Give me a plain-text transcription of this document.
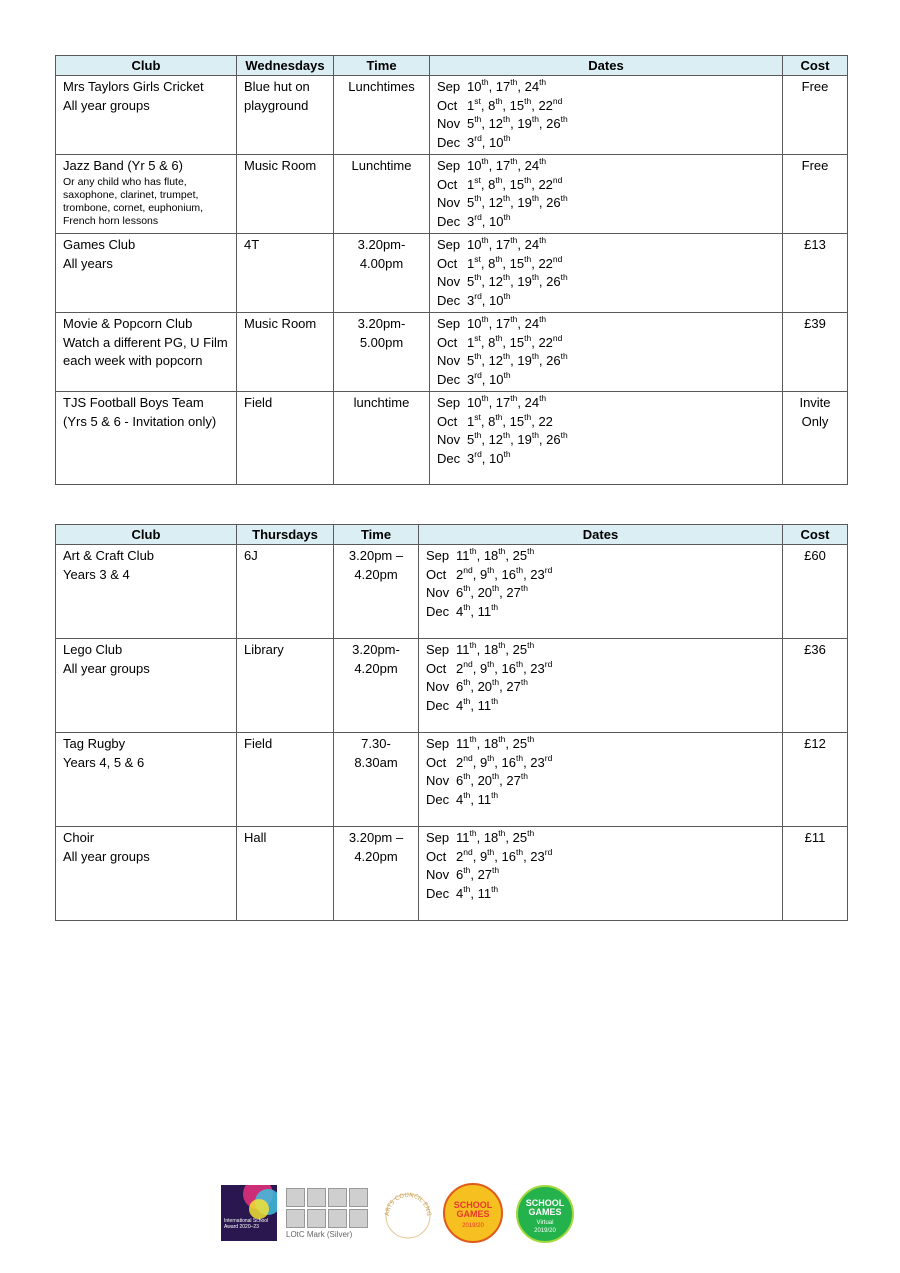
Club	Wednesdays	Time	Dates	Cost

Mrs Taylors Girls Cricket
All year groups	Blue hut on playground	Lunchtimes	Sep 10th, 17th, 24th
Oct 1st, 8th, 15th, 22nd
Nov 5th, 12th, 19th, 26th
Dec 3rd, 10th	Free

Jazz Band (Yr 5 & 6)
Or any child who has flute, saxophone, clarinet, trumpet, trombone, cornet, euphonium, French horn lessons	Music Room	Lunchtime	Sep 10th, 17th, 24th
Oct 1st, 8th, 15th, 22nd
Nov 5th, 12th, 19th, 26th
Dec 3rd, 10th	Free

Games Club
All years	4T	3.20pm-4.00pm	Sep 10th, 17th, 24th
Oct 1st, 8th, 15th, 22nd
Nov 5th, 12th, 19th, 26th
Dec 3rd, 10th	£13

Movie & Popcorn Club
Watch a different PG, U Film each week with popcorn	Music Room	3.20pm-5.00pm	Sep 10th, 17th, 24th
Oct 1st, 8th, 15th, 22nd
Nov 5th, 12th, 19th, 26th
Dec 3rd, 10th	£39

TJS Football Boys Team
(Yrs 5 & 6 - Invitation only)	Field	lunchtime	Sep 10th, 17th, 24th
Oct 1st, 8th, 15th, 22
Nov 5th, 12th, 19th, 26th
Dec 3rd, 10th	Invite Only
Club	Thursdays	Time	Dates	Cost

Art & Craft Club
Years 3 & 4	6J	3.20pm – 4.20pm	Sep 11th, 18th, 25th
Oct 2nd, 9th, 16th, 23rd
Nov 6th, 20th, 27th
Dec 4th, 11th	£60

Lego Club
All year groups	Library	3.20pm-4.20pm	Sep 11th, 18th, 25th
Oct 2nd, 9th, 16th, 23rd
Nov 6th, 20th, 27th
Dec 4th, 11th	£36

Tag Rugby
Years 4, 5 & 6	Field	7.30-8.30am	Sep 11th, 18th, 25th
Oct 2nd, 9th, 16th, 23rd
Nov 6th, 20th, 27th
Dec 4th, 11th	£12

Choir
All year groups	Hall	3.20pm – 4.20pm	Sep 11th, 18th, 25th
Oct 2nd, 9th, 16th, 23rd
Nov 6th, 27th
Dec 4th, 11th	£11
International School Award 2020–23
LOtC Mark (Silver)
ARTS COUNCIL ENG
SCHOOL GAMES
2019/20
SCHOOL GAMES
Virtual
2019/20
